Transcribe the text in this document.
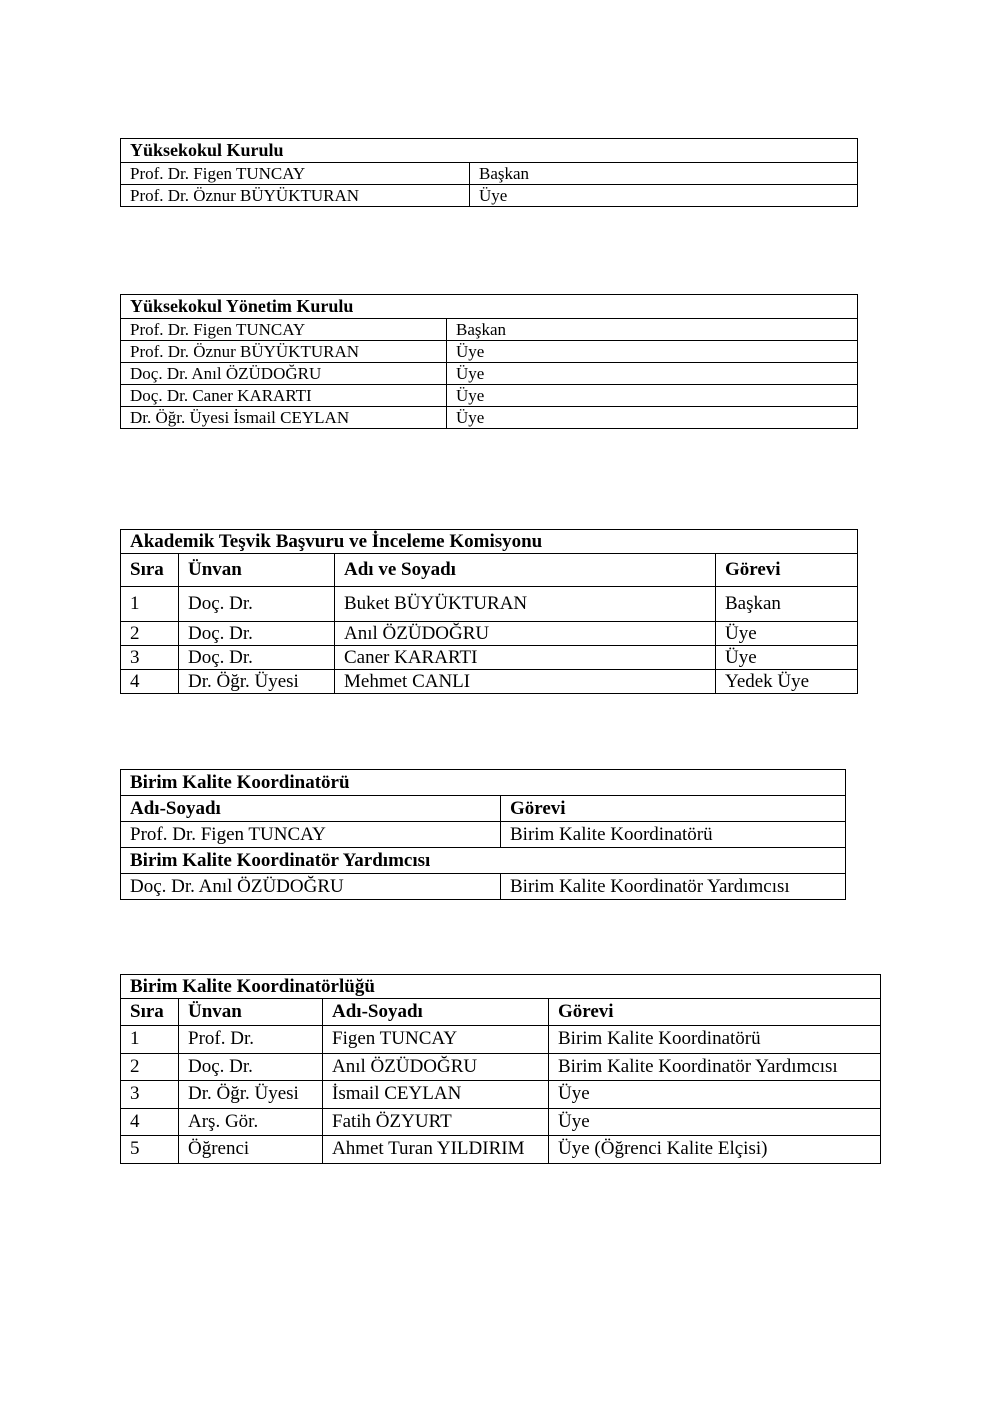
Yüksekokul Kurulu	
Prof. Dr. Figen TUNCAY	Başkan
Prof. Dr. Öznur BÜYÜKTURAN	Üye
Yüksekokul Yönetim Kurulu	
Prof. Dr. Figen TUNCAY	Başkan
Prof. Dr. Öznur BÜYÜKTURAN	Üye
Doç. Dr. Anıl ÖZÜDOĞRU	Üye
Doç. Dr. Caner KARARTI	Üye
Dr. Öğr. Üyesi İsmail CEYLAN	Üye
Akademik Teşvik Başvuru ve İnceleme Komisyonu			
Sıra	Ünvan	Adı ve Soyadı	Görevi
1	Doç. Dr.	Buket BÜYÜKTURAN	Başkan
2	Doç. Dr.	Anıl ÖZÜDOĞRU	Üye
3	Doç. Dr.	Caner KARARTI	Üye
4	Dr. Öğr. Üyesi	Mehmet CANLI	Yedek Üye
Birim Kalite Koordinatörü	
Adı-Soyadı	Görevi
Prof. Dr. Figen TUNCAY	Birim Kalite Koordinatörü
Birim Kalite Koordinatör Yardımcısı	
Doç. Dr. Anıl ÖZÜDOĞRU	Birim Kalite Koordinatör Yardımcısı
Birim Kalite Koordinatörlüğü			
Sıra	Ünvan	Adı-Soyadı	Görevi
1	Prof. Dr.	Figen TUNCAY	Birim Kalite Koordinatörü
2	Doç. Dr.	Anıl ÖZÜDOĞRU	Birim Kalite Koordinatör Yardımcısı
3	Dr. Öğr. Üyesi	İsmail CEYLAN	Üye
4	Arş. Gör.	Fatih ÖZYURT	Üye
5	Öğrenci	Ahmet Turan YILDIRIM	Üye (Öğrenci Kalite Elçisi)
